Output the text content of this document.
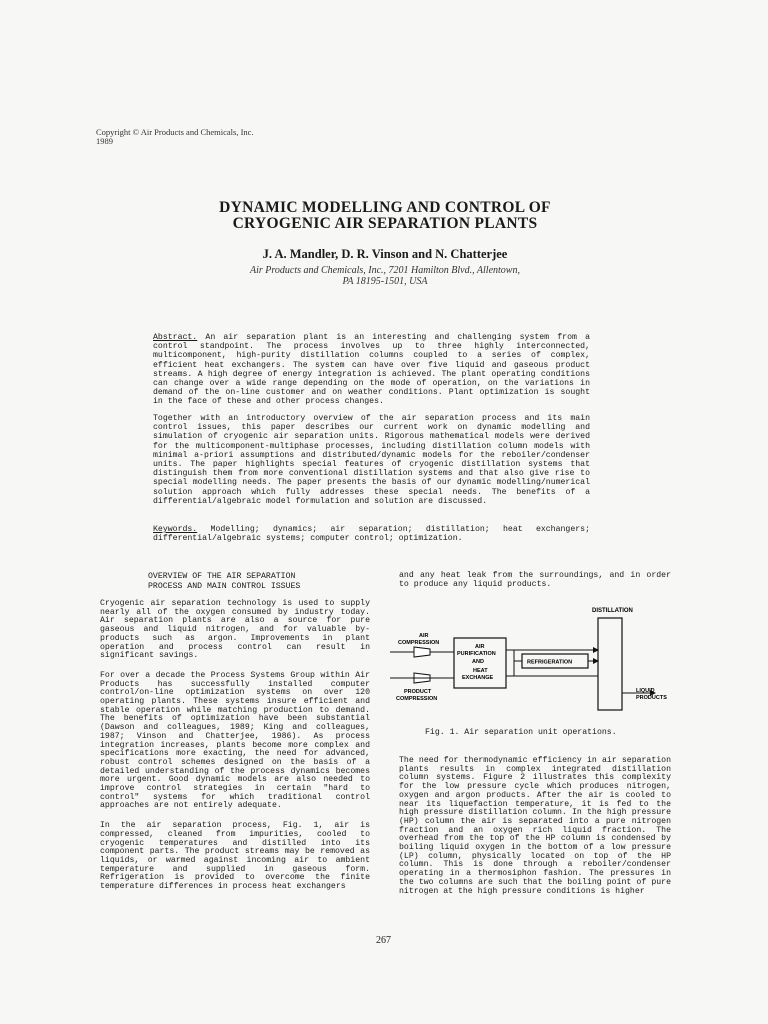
Copyright © Air Products and Chemicals, Inc.
1989
DYNAMIC MODELLING AND CONTROL OF
CRYOGENIC AIR SEPARATION PLANTS
J. A. Mandler, D. R. Vinson and N. Chatterjee
Air Products and Chemicals, Inc., 7201 Hamilton Blvd., Allentown,
PA 18195-1501, USA
Abstract. An air separation plant is an interesting and challenging system from a control standpoint. The process involves up to three highly interconnected, multicomponent, high-purity distillation columns coupled to a series of complex, efficient heat exchangers. The system can have over five liquid and gaseous product streams. A high degree of energy integration is achieved. The plant operating conditions can change over a wide range depending on the mode of operation, on the variations in demand of the on-line customer and on weather conditions. Plant optimization is sought in the face of these and other process changes.
Together with an introductory overview of the air separation process and its main control issues, this paper describes our current work on dynamic modelling and simulation of cryogenic air separation units. Rigorous mathematical models were derived for the multicomponent-multiphase processes, including distillation column models with minimal a-priori assumptions and distributed/dynamic models for the reboiler/condenser units. The paper highlights special features of cryogenic distillation systems that distinguish them from more conventional distillation systems and that also give rise to special modelling needs. The paper presents the basis of our dynamic modelling/numerical solution approach which fully addresses these special needs. The benefits of a differential/algebraic model formulation and solution are discussed.
Keywords. Modelling; dynamics; air separation; distillation; heat exchangers; differential/algebraic systems; computer control; optimization.
OVERVIEW OF THE AIR SEPARATION
PROCESS AND MAIN CONTROL ISSUES

Cryogenic air separation technology is used to supply nearly all of the oxygen consumed by industry today. Air separation plants are also a source for pure gaseous and liquid nitrogen, and for valuable by-products such as argon. Improvements in plant operation and process control can result in significant savings.

For over a decade the Process Systems Group within Air Products has successfully installed computer control/on-line optimization systems on over 120 operating plants. These systems insure efficient and stable operation while matching production to demand. The benefits of optimization have been substantial (Dawson and colleagues, 1989; King and colleagues, 1987; Vinson and Chatterjee, 1986). As process integration increases, plants become more complex and specifications more exacting, the need for advanced, robust control schemes designed on the basis of a detailed understanding of the process dynamics becomes more urgent. Good dynamic models are also needed to improve control strategies in certain "hard to control" systems for which traditional control approaches are not entirely adequate.

In the air separation process, Fig. 1, air is compressed, cleaned from impurities, cooled to cryogenic temperatures and distilled into its component parts. The product streams may be removed as liquids, or warmed against incoming air to ambient temperature and supplied in gaseous form. Refrigeration is provided to overcome the finite temperature differences in process heat exchangers

and any heat leak from the surroundings, and in order to produce any liquid products.
DISTILLATION
AIR
PURIFICATION
AND
HEAT
EXCHANGE
REFRIGERATION
AIR
COMPRESSION
PRODUCT
COMPRESSION
LIQUID
PRODUCTS
Fig. 1. Air separation unit operations.
The need for thermodynamic efficiency in air separation plants results in complex integrated distillation column systems. Figure 2 illustrates this complexity for the low pressure cycle which produces nitrogen, oxygen and argon products. After the air is cooled to near its liquefaction temperature, it is fed to the high pressure distillation column. In the high pressure (HP) column the air is separated into a pure nitrogen fraction and an oxygen rich liquid fraction. The overhead from the top of the HP column is condensed by boiling liquid oxygen in the bottom of a low pressure (LP) column, physically located on top of the HP column. This is done through a reboiler/condenser operating in a thermosiphon fashion. The pressures in the two columns are such that the boiling point of pure nitrogen at the high pressure conditions is higher
267
